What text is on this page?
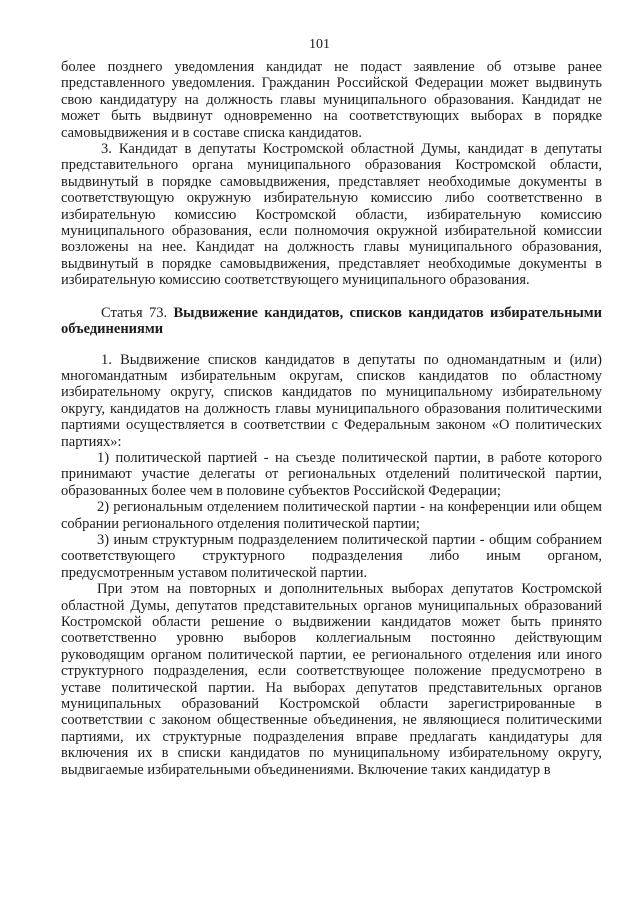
101

более позднего уведомления кандидат не подаст заявление об отзыве ранее представленного уведомления. Гражданин Российской Федерации может выдвинуть свою кандидатуру на должность главы муниципального образования. Кандидат не может быть выдвинут одновременно на соответствующих выборах в порядке самовыдвижения и в составе списка кандидатов.

3. Кандидат в депутаты Костромской областной Думы, кандидат в депутаты представительного органа муниципального образования Костромской области, выдвинутый в порядке самовыдвижения, представляет необходимые документы в соответствующую окружную избирательную комиссию либо соответственно в избирательную комиссию Костромской области, избирательную комиссию муниципального образования, если полномочия окружной избирательной комиссии возложены на нее. Кандидат на должность главы муниципального образования, выдвинутый в порядке самовыдвижения, представляет необходимые документы в избирательную комиссию соответствующего муниципального образования.

Статья 73. Выдвижение кандидатов, списков кандидатов избирательными объединениями

1. Выдвижение списков кандидатов в депутаты по одномандатным и (или) многомандатным избирательным округам, списков кандидатов по областному избирательному округу, списков кандидатов по муниципальному избирательному округу, кандидатов на должность главы муниципального образования политическими партиями осуществляется в соответствии с Федеральным законом «О политических партиях»:

1) политической партией - на съезде политической партии, в работе которого принимают участие делегаты от региональных отделений политической партии, образованных более чем в половине субъектов Российской Федерации;

2) региональным отделением политической партии - на конференции или общем собрании регионального отделения политической партии;

3) иным структурным подразделением политической партии - общим собранием соответствующего структурного подразделения либо иным органом, предусмотренным уставом политической партии.

При этом на повторных и дополнительных выборах депутатов Костромской областной Думы, депутатов представительных органов муниципальных образований Костромской области решение о выдвижении кандидатов может быть принято соответственно уровню выборов коллегиальным постоянно действующим руководящим органом политической партии, ее регионального отделения или иного структурного подразделения, если соответствующее положение предусмотрено в уставе политической партии. На выборах депутатов представительных органов муниципальных образований Костромской области зарегистрированные в соответствии с законом общественные объединения, не являющиеся политическими партиями, их структурные подразделения вправе предлагать кандидатуры для включения их в списки кандидатов по муниципальному избирательному округу, выдвигаемые избирательными объединениями. Включение таких кандидатур в
